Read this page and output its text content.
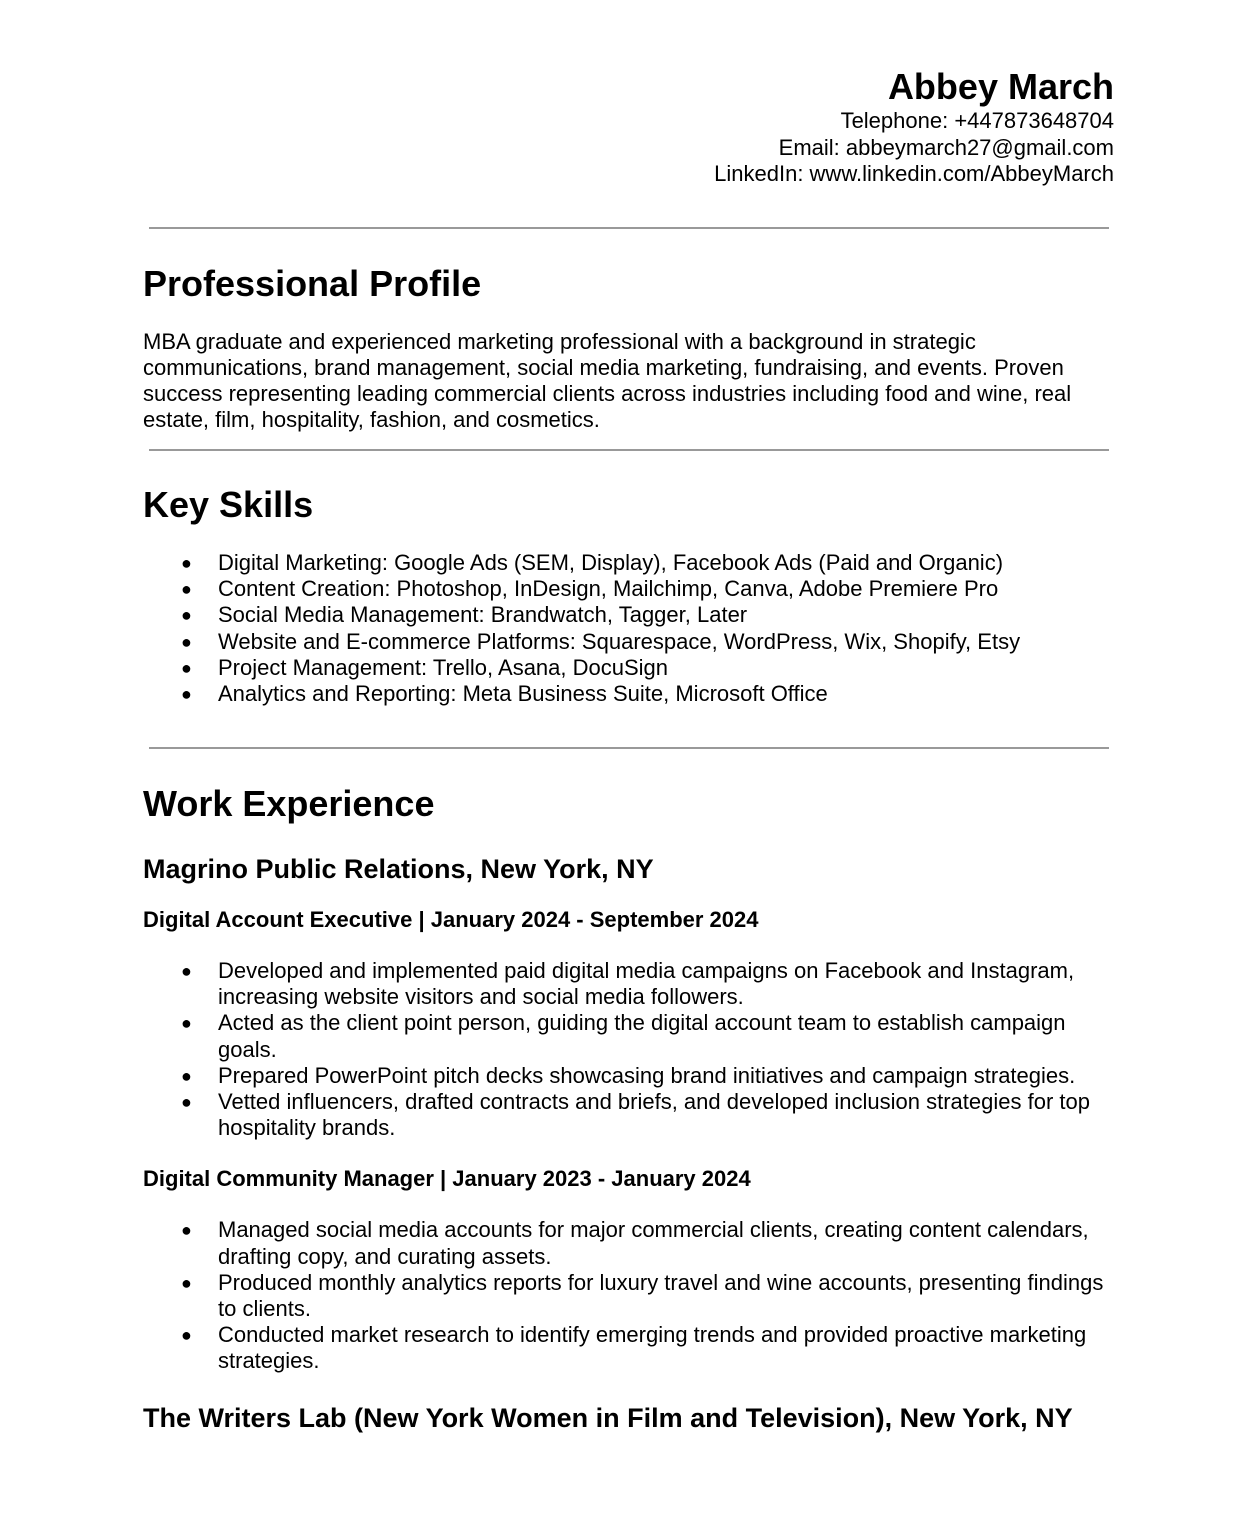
Abbey March
Telephone: +447873648704
Email: abbeymarch27@gmail.com
LinkedIn: www.linkedin.com/AbbeyMarch
Professional Profile

MBA graduate and experienced marketing professional with a background in strategic communications, brand management, social media marketing, fundraising, and events. Proven success representing leading commercial clients across industries including food and wine, real estate, film, hospitality, fashion, and cosmetics.

Key Skills
● Digital Marketing: Google Ads (SEM, Display), Facebook Ads (Paid and Organic)
● Content Creation: Photoshop, InDesign, Mailchimp, Canva, Adobe Premiere Pro
● Social Media Management: Brandwatch, Tagger, Later
● Website and E-commerce Platforms: Squarespace, WordPress, Wix, Shopify, Etsy
● Project Management: Trello, Asana, DocuSign
● Analytics and Reporting: Meta Business Suite, Microsoft Office
Work Experience
Magrino Public Relations, New York, NY
Digital Account Executive | January 2024 - September 2024
● Developed and implemented paid digital media campaigns on Facebook and Instagram, increasing website visitors and social media followers.
● Acted as the client point person, guiding the digital account team to establish campaign goals.
● Prepared PowerPoint pitch decks showcasing brand initiatives and campaign strategies.
● Vetted influencers, drafted contracts and briefs, and developed inclusion strategies for top hospitality brands.
Digital Community Manager | January 2023 - January 2024
● Managed social media accounts for major commercial clients, creating content calendars, drafting copy, and curating assets.
● Produced monthly analytics reports for luxury travel and wine accounts, presenting findings to clients.
● Conducted market research to identify emerging trends and provided proactive marketing strategies.
The Writers Lab (New York Women in Film and Television), New York, NY
